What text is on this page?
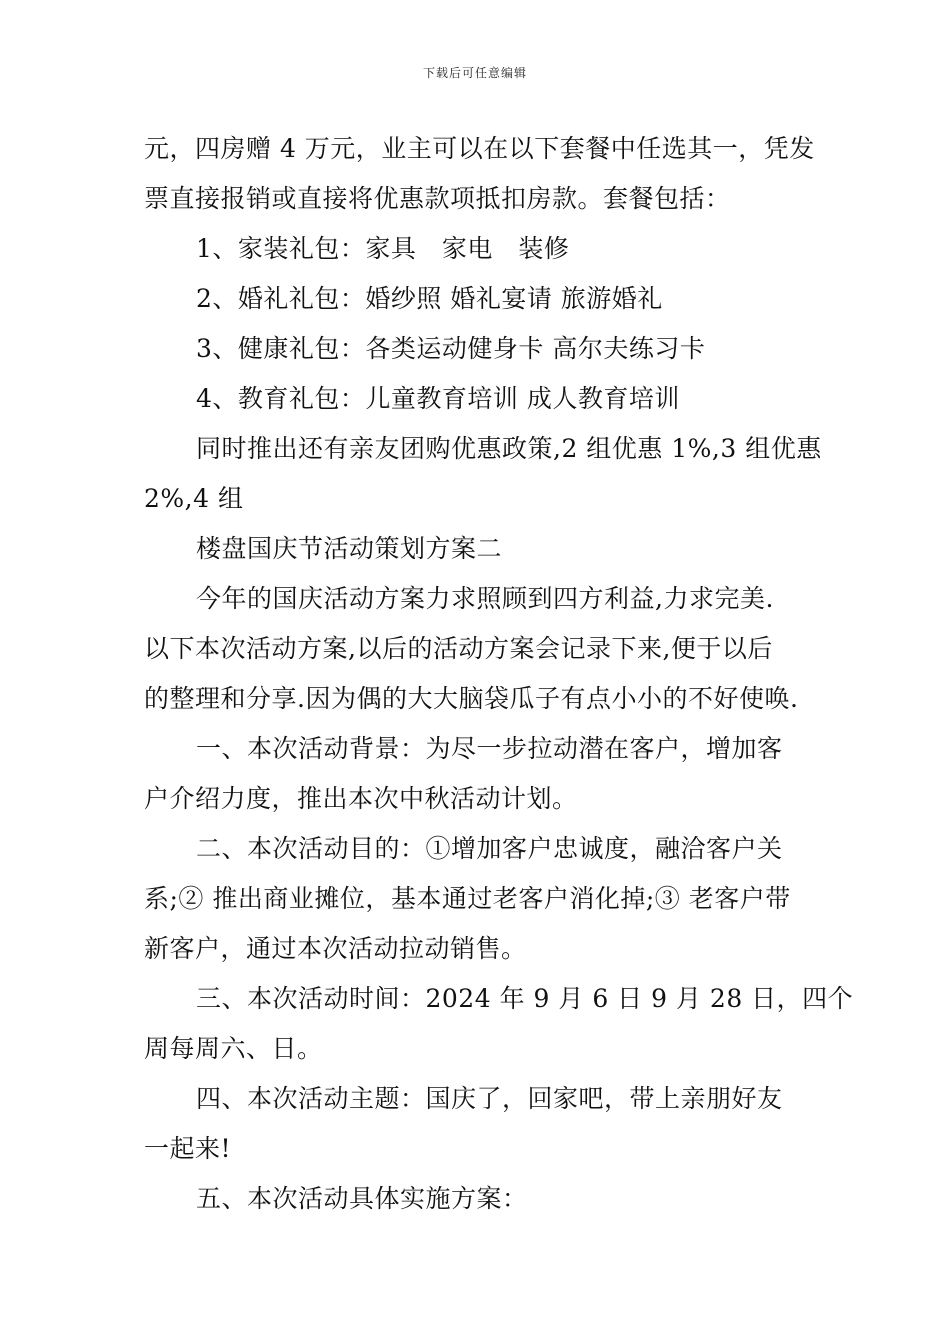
下载后可任意编辑
元，四房赠 4 万元，业主可以在以下套餐中任选其一，凭发
票直接报销或直接将优惠款项抵扣房款。套餐包括：
1、家装礼包：家具　家电　装修
2、婚礼礼包：婚纱照 婚礼宴请 旅游婚礼
3、健康礼包：各类运动健身卡 高尔夫练习卡
4、教育礼包：儿童教育培训 成人教育培训
同时推出还有亲友团购优惠政策,2 组优惠 1%,3 组优惠
2%,4 组
楼盘国庆节活动策划方案二
今年的国庆活动方案力求照顾到四方利益,力求完美.
以下本次活动方案,以后的活动方案会记录下来,便于以后
的整理和分享.因为偶的大大脑袋瓜子有点小小的不好使唤.
一、本次活动背景：为尽一步拉动潜在客户，增加客
户介绍力度，推出本次中秋活动计划。
二、本次活动目的：①增加客户忠诚度，融洽客户关
系;② 推出商业摊位，基本通过老客户消化掉;③ 老客户带
新客户，通过本次活动拉动销售。
三、本次活动时间：2024 年 9 月 6 日 9 月 28 日，四个
周每周六、日。
四、本次活动主题：国庆了，回家吧，带上亲朋好友
一起来!
五、本次活动具体实施方案：
